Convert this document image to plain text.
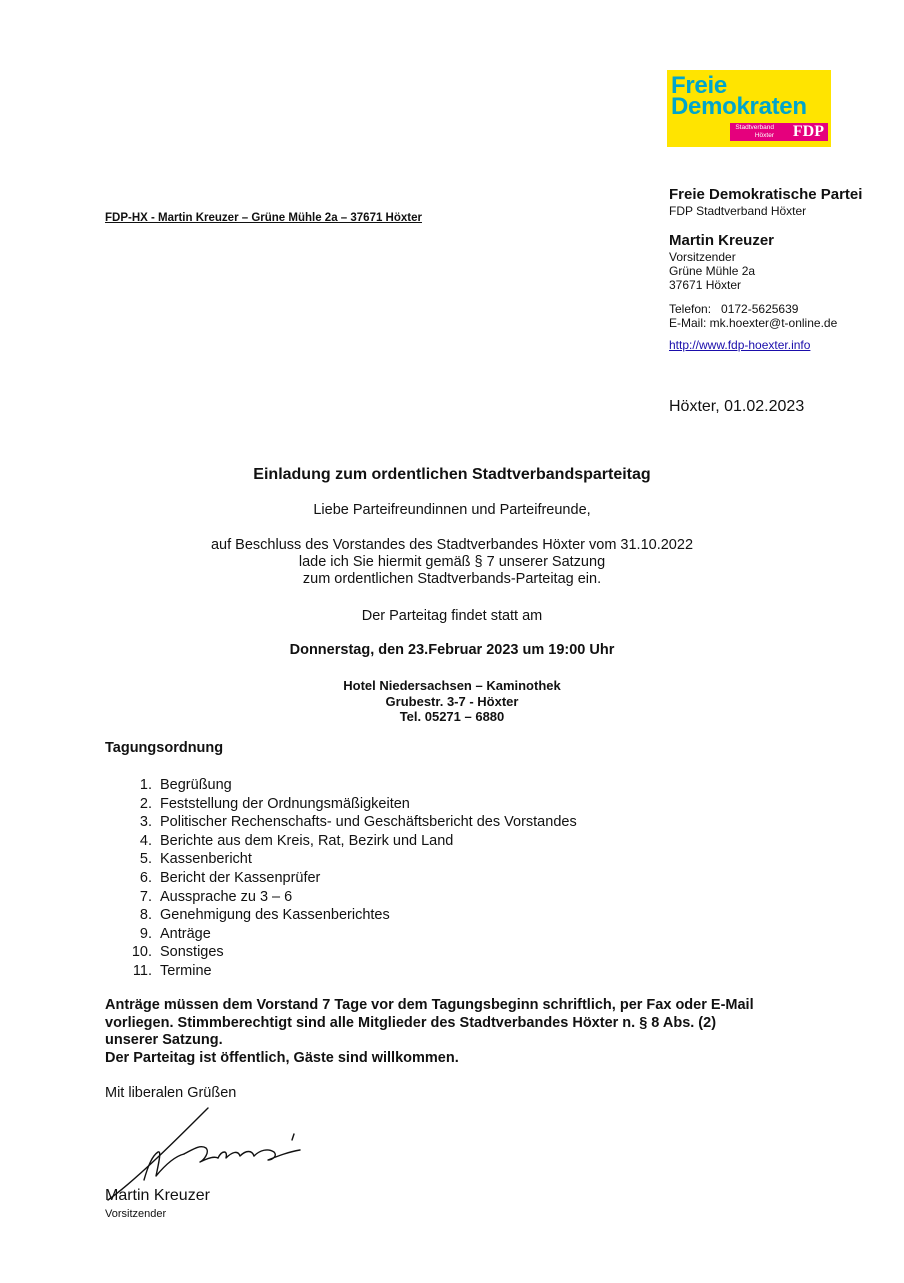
Freie
Demokraten
Stadtverband
Höxter FDP
FDP-HX - Martin Kreuzer – Grüne Mühle 2a – 37671 Höxter
Freie Demokratische Partei
FDP Stadtverband Höxter
Martin Kreuzer
Vorsitzender
Grüne Mühle 2a
37671 Höxter
Telefon:   0172-5625639
E-Mail: mk.hoexter@t-online.de
http://www.fdp-hoexter.info
Höxter, 01.02.2023
Einladung zum ordentlichen Stadtverbandsparteitag
Liebe Parteifreundinnen und Parteifreunde,
auf Beschluss des Vorstandes des Stadtverbandes Höxter vom 31.10.2022
lade ich Sie hiermit gemäß § 7 unserer Satzung
zum ordentlichen Stadtverbands-Parteitag ein.
Der Parteitag findet statt am
Donnerstag, den 23.Februar 2023 um 19:00 Uhr
Hotel Niedersachsen – Kaminothek
Grubestr. 3-7 - Höxter
Tel. 05271 – 6880
Tagungsordnung
1. Begrüßung
2. Feststellung der Ordnungsmäßigkeiten
3. Politischer Rechenschafts- und Geschäftsbericht des Vorstandes
4. Berichte aus dem Kreis, Rat, Bezirk und Land
5. Kassenbericht
6. Bericht der Kassenprüfer
7. Aussprache zu 3 – 6
8. Genehmigung des Kassenberichtes
9. Anträge
10. Sonstiges
11. Termine
Anträge müssen dem Vorstand 7 Tage vor dem Tagungsbeginn schriftlich, per Fax oder E-Mail
vorliegen. Stimmberechtigt sind alle Mitglieder des Stadtverbandes Höxter n. § 8 Abs. (2)
unserer Satzung.
Der Parteitag ist öffentlich, Gäste sind willkommen.
Mit liberalen Grüßen
Martin Kreuzer
Vorsitzender
